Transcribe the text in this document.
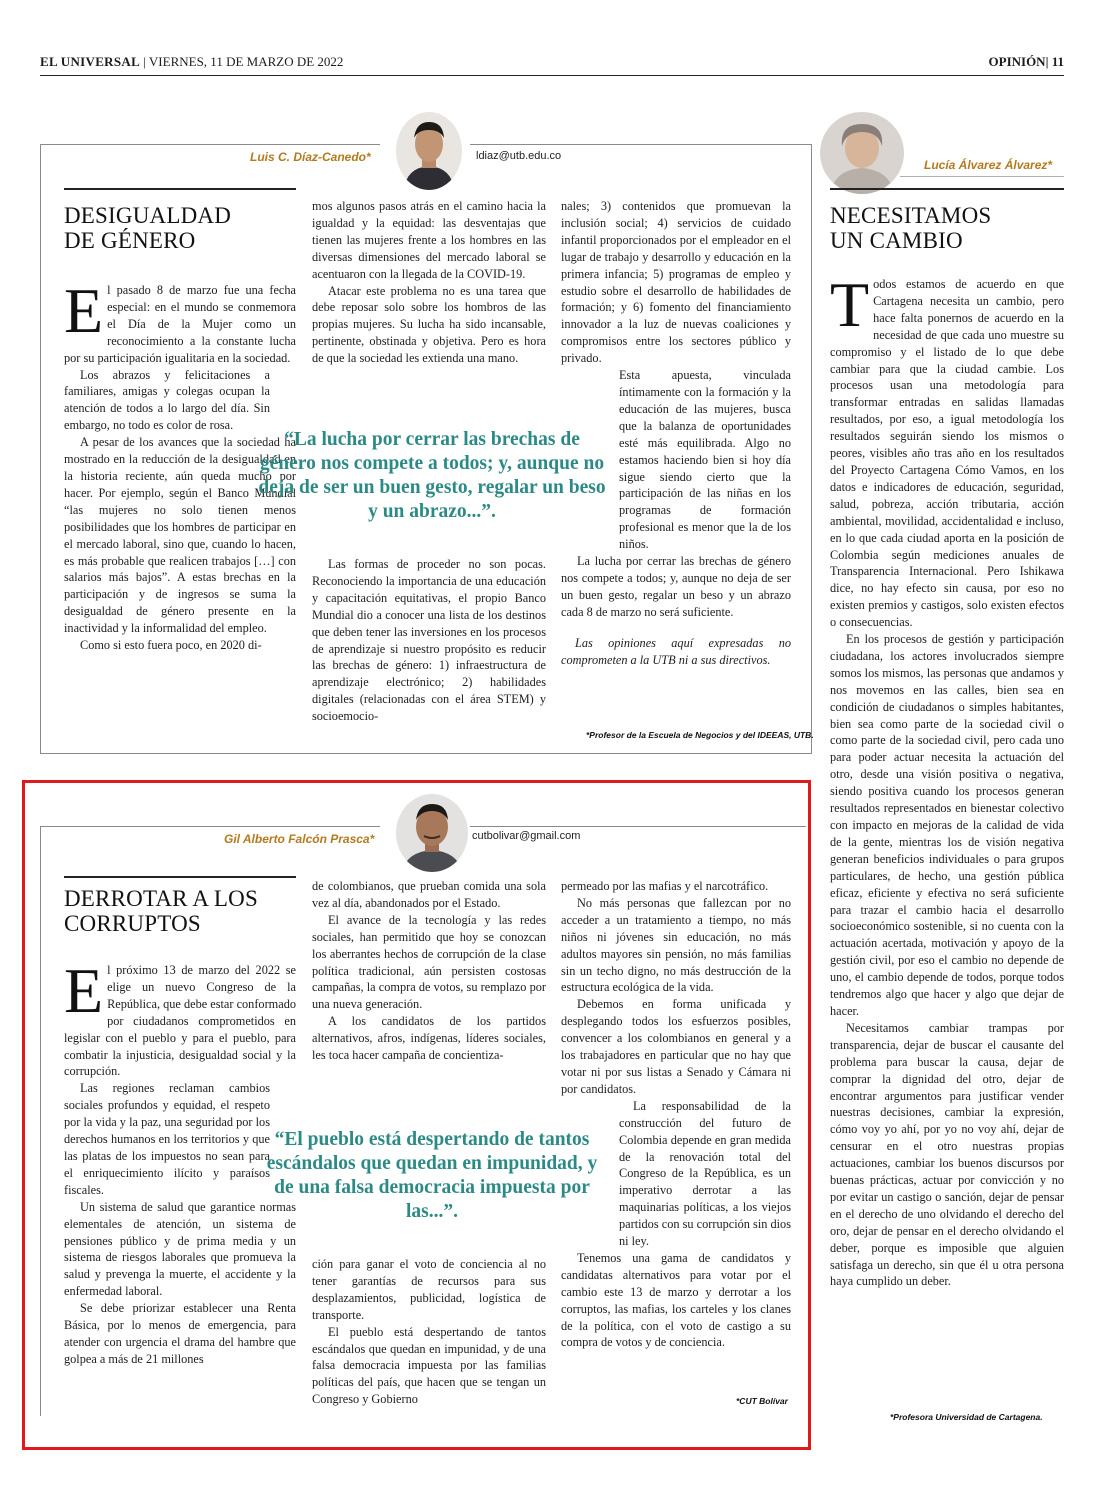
EL UNIVERSAL | VIERNES, 11 DE MARZO DE 2022	OPINIÓN| 11
Luis C. Díaz-Canedo*	ldiaz@utb.edu.co
DESIGUALDAD
DE GÉNERO

El pasado 8 de marzo fue una fecha especial: en el mundo se conmemora el Día de la Mujer como un reconocimiento a la constante lucha por su participación igualitaria en la sociedad.

Los abrazos y felicitaciones a familiares, amigas y colegas ocupan la atención de todos a lo largo del día. Sin embargo, no todo es color de rosa.

A pesar de los avances que la sociedad ha mostrado en la reducción de la desigualdad en la historia reciente, aún queda mucho por hacer. Por ejemplo, según el Banco Mundial “las mujeres no solo tienen menos posibilidades que los hombres de participar en el mercado laboral, sino que, cuando lo hacen, es más probable que realicen trabajos […] con salarios más bajos”. A estas brechas en la participación y de ingresos se suma la desigualdad de género presente en la inactividad y la informalidad del empleo.

Como si esto fuera poco, en 2020 di-

mos algunos pasos atrás en el camino hacia la igualdad y la equidad: las desventajas que tienen las mujeres frente a los hombres en las diversas dimensiones del mercado laboral se acentuaron con la llegada de la COVID-19.

Atacar este problema no es una tarea que debe reposar solo sobre los hombros de las propias mujeres. Su lucha ha sido incansable, pertinente, obstinada y objetiva. Pero es hora de que la sociedad les extienda una mano.

“La lucha por cerrar las brechas de género nos compete a todos; y, aunque no deja de ser un buen gesto, regalar un beso y un abrazo...”.

Las formas de proceder no son pocas. Reconociendo la importancia de una educación y capacitación equitativas, el propio Banco Mundial dio a conocer una lista de los destinos que deben tener las inversiones en los procesos de aprendizaje si nuestro propósito es reducir las brechas de género: 1) infraestructura de aprendizaje electrónico; 2) habilidades digitales (relacionadas con el área STEM) y socioemocio-

nales; 3) contenidos que promuevan la inclusión social; 4) servicios de cuidado infantil proporcionados por el empleador en el lugar de trabajo y desarrollo y educación en la primera infancia; 5) programas de empleo y estudio sobre el desarrollo de habilidades de formación; y 6) fomento del financiamiento innovador a la luz de nuevas coaliciones y compromisos entre los sectores público y privado.

Esta apuesta, vinculada íntimamente con la formación y la educación de las mujeres, busca que la balanza de oportunidades esté más equilibrada. Algo no estamos haciendo bien si hoy día sigue siendo cierto que la participación de las niñas en los programas de formación profesional es menor que la de los niños.

La lucha por cerrar las brechas de género nos compete a todos; y, aunque no deja de ser un buen gesto, regalar un beso y un abrazo cada 8 de marzo no será suficiente.

Las opiniones aquí expresadas no comprometen a la UTB ni a sus directivos.

*Profesor de la Escuela de Negocios y del IDEEAS, UTB.
Gil Alberto Falcón Prasca*	cutbolivar@gmail.com
DERROTAR A LOS
CORRUPTOS

El próximo 13 de marzo del 2022 se elige un nuevo Congreso de la República, que debe estar conformado por ciudadanos comprometidos en legislar con el pueblo y para el pueblo, para combatir la injusticia, desigualdad social y la corrupción.

Las regiones reclaman cambios sociales profundos y equidad, el respeto por la vida y la paz, una seguridad por los derechos humanos en los territorios y que las platas de los impuestos no sean para el enriquecimiento ilícito y paraísos fiscales.

Un sistema de salud que garantice normas elementales de atención, un sistema de pensiones público y de prima media y un sistema de riesgos laborales que promueva la salud y prevenga la muerte, el accidente y la enfermedad laboral.

Se debe priorizar establecer una Renta Básica, por lo menos de emergencia, para atender con urgencia el drama del hambre que golpea a más de 21 millones

de colombianos, que prueban comida una sola vez al día, abandonados por el Estado.

El avance de la tecnología y las redes sociales, han permitido que hoy se conozcan los aberrantes hechos de corrupción de la clase política tradicional, aún persisten costosas campañas, la compra de votos, su remplazo por una nueva generación.

A los candidatos de los partidos alternativos, afros, indígenas, líderes sociales, les toca hacer campaña de concientiza-

“El pueblo está despertando de tantos escándalos que quedan en impunidad, y de una falsa democracia impuesta por las...”.

ción para ganar el voto de conciencia al no tener garantías de recursos para sus desplazamientos, publicidad, logística de transporte.

El pueblo está despertando de tantos escándalos que quedan en impunidad, y de una falsa democracia impuesta por las familias políticas del país, que hacen que se tengan un Congreso y Gobierno

permeado por las mafias y el narcotráfico.

No más personas que fallezcan por no acceder a un tratamiento a tiempo, no más niños ni jóvenes sin educación, no más adultos mayores sin pensión, no más familias sin un techo digno, no más destrucción de la estructura ecológica de la vida.

Debemos en forma unificada y desplegando todos los esfuerzos posibles, convencer a los colombianos en general y a los trabajadores en particular que no hay que votar ni por sus listas a Senado y Cámara ni por candidatos.

La responsabilidad de la construcción del futuro de Colombia depende en gran medida de la renovación total del Congreso de la República, es un imperativo derrotar a las maquinarias políticas, a los viejos partidos con su corrupción sin dios ni ley.

Tenemos una gama de candidatos y candidatas alternativos para votar por el cambio este 13 de marzo y derrotar a los corruptos, las mafias, los carteles y los clanes de la política, con el voto de castigo a su compra de votos y de conciencia.

*CUT Bolívar
Lucía Álvarez Álvarez*
NECESITAMOS
UN CAMBIO

Todos estamos de acuerdo en que Cartagena necesita un cambio, pero hace falta ponernos de acuerdo en la necesidad de que cada uno muestre su compromiso y el listado de lo que debe cambiar para que la ciudad cambie. Los procesos usan una metodología para transformar entradas en salidas llamadas resultados, por eso, a igual metodología los resultados seguirán siendo los mismos o peores, visibles año tras año en los resultados del Proyecto Cartagena Cómo Vamos, en los datos e indicadores de educación, seguridad, salud, pobreza, acción tributaria, acción ambiental, movilidad, accidentalidad e incluso, en lo que cada ciudad aporta en la posición de Colombia según mediciones anuales de Transparencia Internacional. Pero Ishikawa dice, no hay efecto sin causa, por eso no existen premios y castigos, solo existen efectos o consecuencias.

En los procesos de gestión y participación ciudadana, los actores involucrados siempre somos los mismos, las personas que andamos y nos movemos en las calles, bien sea en condición de ciudadanos o simples habitantes, bien sea como parte de la sociedad civil o como parte de la sociedad civil, pero cada uno para poder actuar necesita la actuación del otro, desde una visión positiva o negativa, siendo positiva cuando los procesos generan resultados representados en bienestar colectivo con impacto en mejoras de la calidad de vida de la gente, mientras los de visión negativa generan beneficios individuales o para grupos particulares, de hecho, una gestión pública eficaz, eficiente y efectiva no será suficiente para trazar el cambio hacia el desarrollo socioeconómico sostenible, si no cuenta con la actuación acertada, motivación y apoyo de la gestión civil, por eso el cambio no depende de uno, el cambio depende de todos, porque todos tendremos algo que hacer y algo que dejar de hacer.

Necesitamos cambiar trampas por transparencia, dejar de buscar el causante del problema para buscar la causa, dejar de comprar la dignidad del otro, dejar de encontrar argumentos para justificar vender nuestras decisiones, cambiar la expresión, cómo voy yo ahí, por yo no voy ahí, dejar de censurar en el otro nuestras propias actuaciones, cambiar los buenos discursos por buenas prácticas, actuar por convicción y no por evitar un castigo o sanción, dejar de pensar en el derecho de uno olvidando el derecho del oro, dejar de pensar en el derecho olvidando el deber, porque es imposible que alguien satisfaga un derecho, sin que él u otra persona haya cumplido un deber.

*Profesora Universidad de Cartagena.
